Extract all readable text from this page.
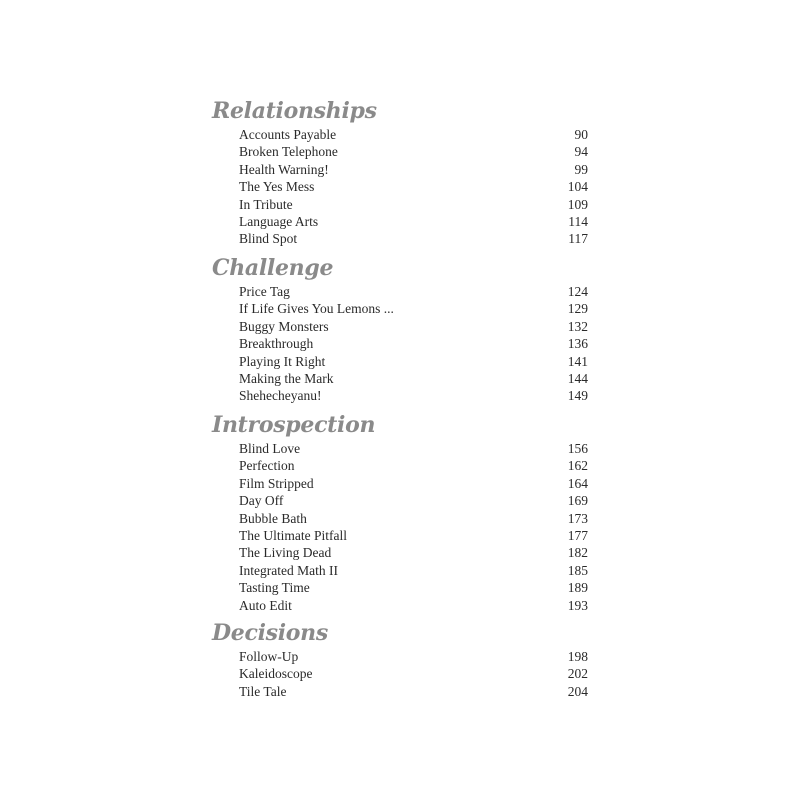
Relationships
Accounts Payable	90
Broken Telephone	94
Health Warning!	99
The Yes Mess	104
In Tribute	109
Language Arts	114
Blind Spot	117
Challenge
Price Tag	124
If Life Gives You Lemons ...	129
Buggy Monsters	132
Breakthrough	136
Playing It Right	141
Making the Mark	144
Shehecheyanu!	149
Introspection
Blind Love	156
Perfection	162
Film Stripped	164
Day Off	169
Bubble Bath	173
The Ultimate Pitfall	177
The Living Dead	182
Integrated Math II	185
Tasting Time	189
Auto Edit	193
Decisions
Follow-Up	198
Kaleidoscope	202
Tile Tale	204
